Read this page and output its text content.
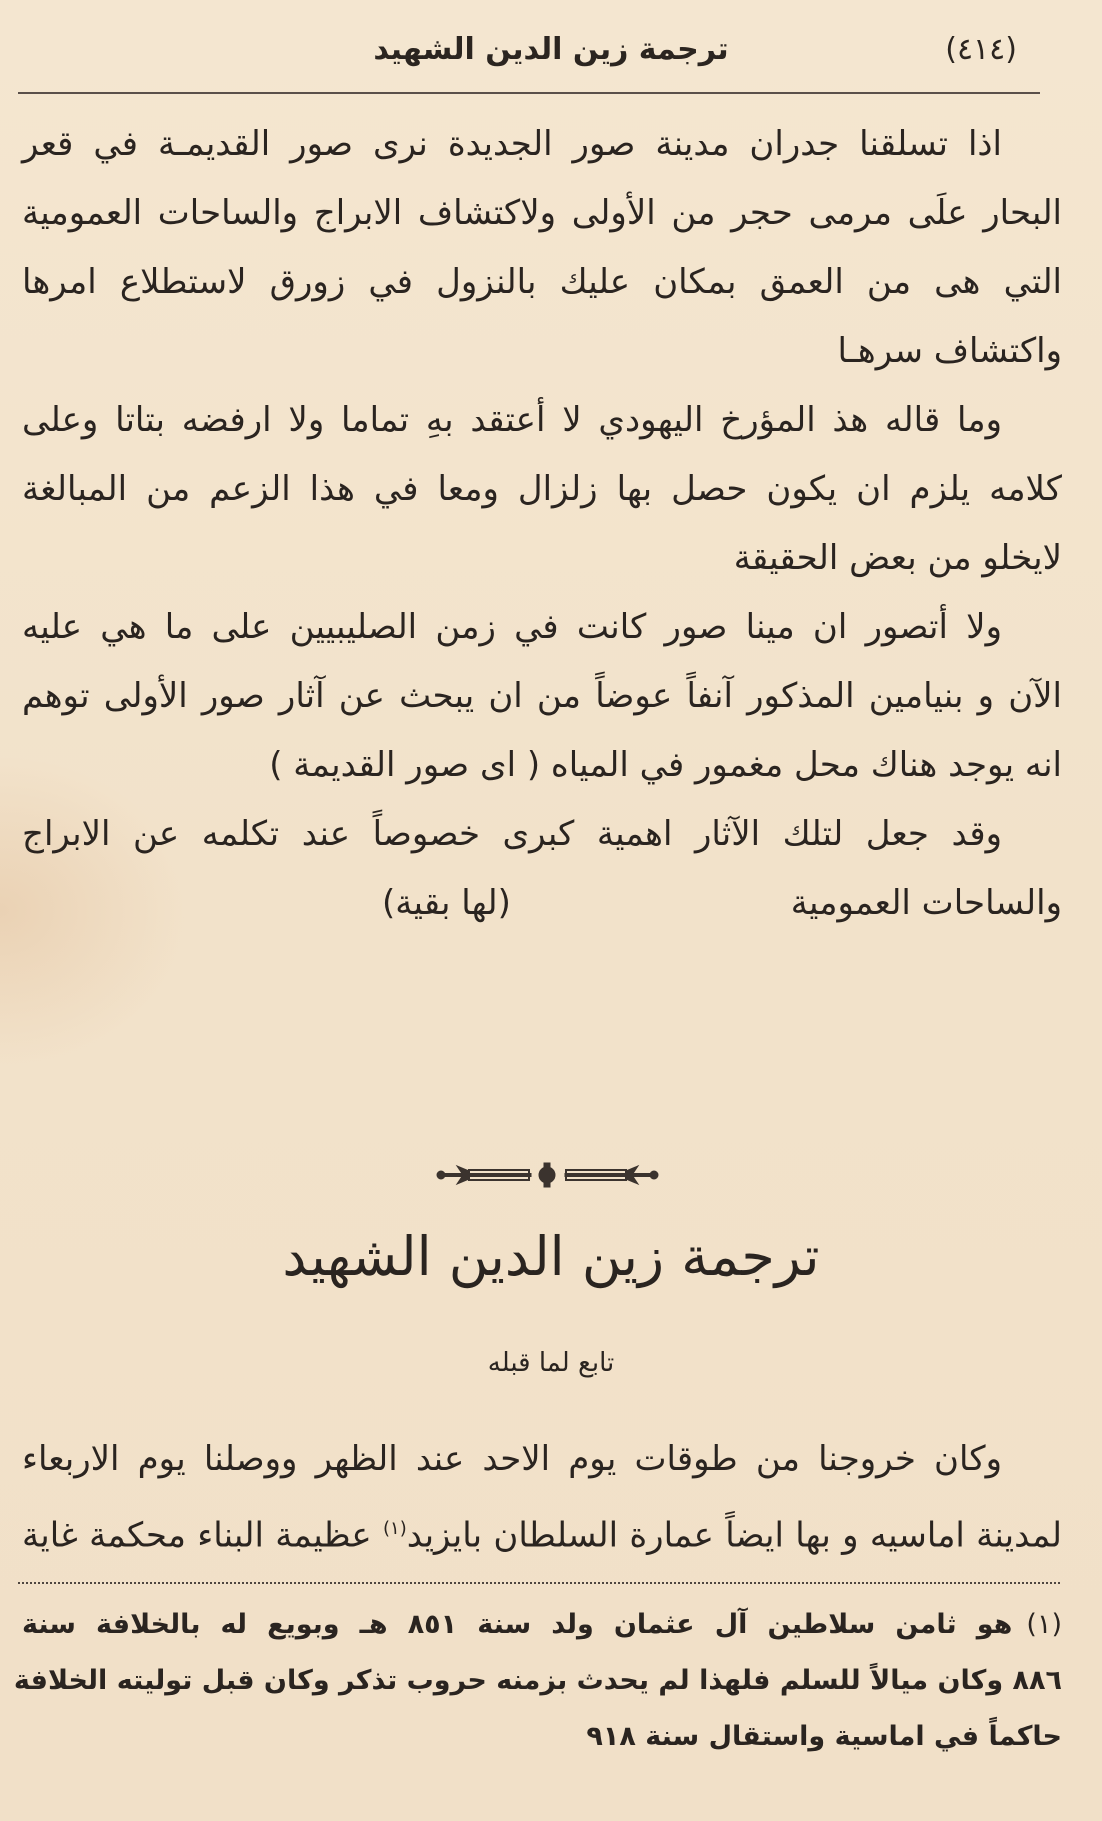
(٤١٤)
ترجمة زين الدين الشهيد
اذا تسلقنا جدران مدينة صور الجديدة نرى صور القديمـة في قعر
البحار علَى مرمى حجر من الأولى ولاكتشاف الابراج والساحات العمومية
التي هى من العمق بمكان عليك بالنزول في زورق لاستطلاع امرها
واكتشاف سرهـا
وما قاله هذ المؤرخ اليهودي لا أعتقد بهِ تماما ولا ارفضه بتاتا وعلى
كلامه يلزم ان يكون حصل بها زلزال ومعا في هذا الزعم من المبالغة
لايخلو من بعض الحقيقة
ولا أتصور ان مينا صور كانت في زمن الصليبيين على ما هي عليه
الآن و بنيامين المذكور آنفاً عوضاً من ان يبحث عن آثار صور الأولى توهم
انه يوجد هناك محل مغمور في المياه ( اى صور القديمة )
وقد جعل لتلك الآثار اهمية كبرى خصوصاً عند تكلمه عن الابراج
والساحات العمومية
(لها بقية)
ترجمة زين الدين الشهيد
تابع لما قبله
وكان خروجنا من طوقات يوم الاحد عند الظهر ووصلنا يوم الاربعاء
لمدينة اماسيه و بها ايضاً عمارة السلطان بايزيد$^{(١)}$ عظيمة البناء محكمة غاية
(١)هو ثامن سلاطين آل عثمان ولد سنة ٨٥١ هـ وبويع له بالخلافة سنة
٨٨٦ وكان ميالاً للسلم فلهذا لم يحدث بزمنه حروب تذكر وكان قبل توليته الخلافة
حاكماً في اماسية واستقال سنة ٩١٨
